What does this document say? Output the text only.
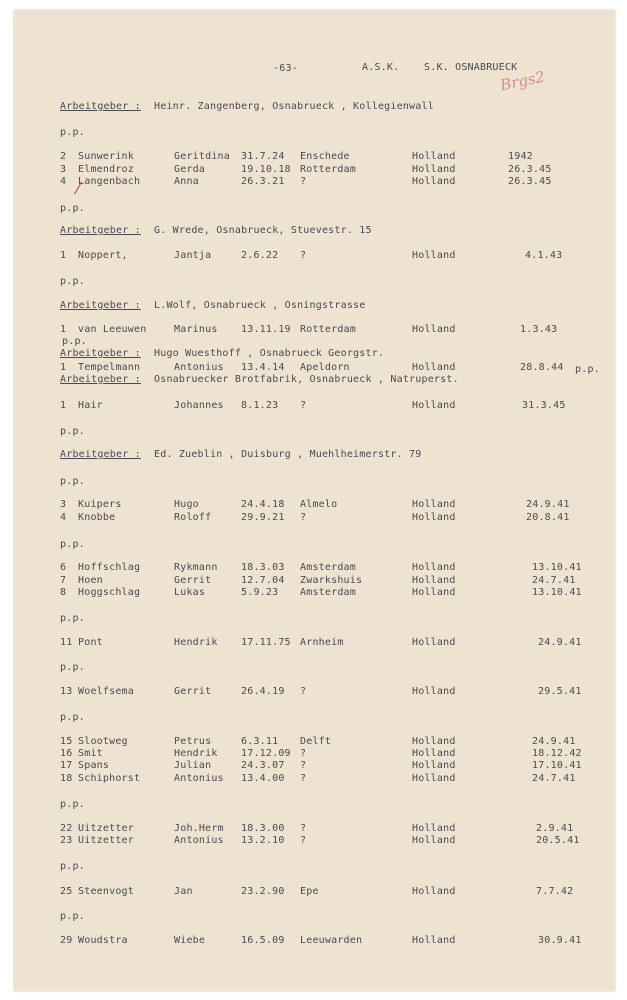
-63-	A.S.K. S.K. OSNABRUECK
Brgs2
Arbeitgeber : Heinr. Zangenberg, Osnabrueck , Kollegienwall
p.p.
2 Sunwerink	Geritdina 31.7.24 Enschede	Holland	1942
3 Elmendroz	Gerda	19.10.18 Rotterdam	Holland	26.3.45
4 Langenbach	Anna	26.3.21 ?	Holland	26.3.45
p.p.
Arbeitgeber : G. Wrede, Osnabrueck, Stuevestr. 15
1 Noppert,	Jantja	2.6.22 ?	Holland	4.1.43
p.p.
Arbeitgeber : L.Wolf, Osnabrueck , Osningstrasse
1 van Leeuwen	Marinus 13.11.19 Rotterdam	Holland	1.3.43
p.p.
Arbeitgeber : Hugo Wuesthoff , Osnabrueck Georgstr.
1 Tempelmann	Antonius 13.4.14 Apeldorn	Holland	28.8.44 p.p.
Arbeitgeber : Osnabruecker Brotfabrik, Osnabrueck , Natruperst.
1 Hair	Johannes 8.1.23 ?	Holland	31.3.45
p.p.
Arbeitgeber : Ed. Zueblin , Duisburg , Muehlheimerstr. 79
p.p.
3 Kuipers	Hugo	24.4.18 Almelo	Holland	24.9.41
4 Knobbe	Roloff	29.9.21 ?	Holland	20.8.41
p.p.
6 Hoffschlag	Rykmann 18.3.03 Amsterdam	Holland	13.10.41
7 Hoen	Gerrit	12.7.04 Zwarkshuis	Holland	24.7.41
8 Hoggschlag	Lukas	5.9.23 Amsterdam	Holland	13.10.41
p.p.
11 Pont	Hendrik 17.11.75 Arnheim	Holland	24.9.41
p.p.
13 Woelfsema	Gerrit	26.4.19 ?	Holland	29.5.41
p.p.
15 Slootweg	Petrus	6.3.11 Delft	Holland	24.9.41
16 Smit	Hendrik 17.12.09 ?	Holland	18.12.42
17 Spans	Julian	24.3.07 ?	Holland	17.10.41
18 Schiphorst	Antonius 13.4.00 ?	Holland	24.7.41
p.p.
22 Uitzetter	Joh.Herm 18.3.00 ?	Holland	2.9.41
23 Uitzetter	Antonius 13.2.10 ?	Holland	20.5.41
p.p.
25 Steenvogt	Jan	23.2.90 Epe	Holland	7.7.42
p.p.
29 Woudstra	Wiebe	16.5.09 Leeuwarden	Holland	30.9.41
